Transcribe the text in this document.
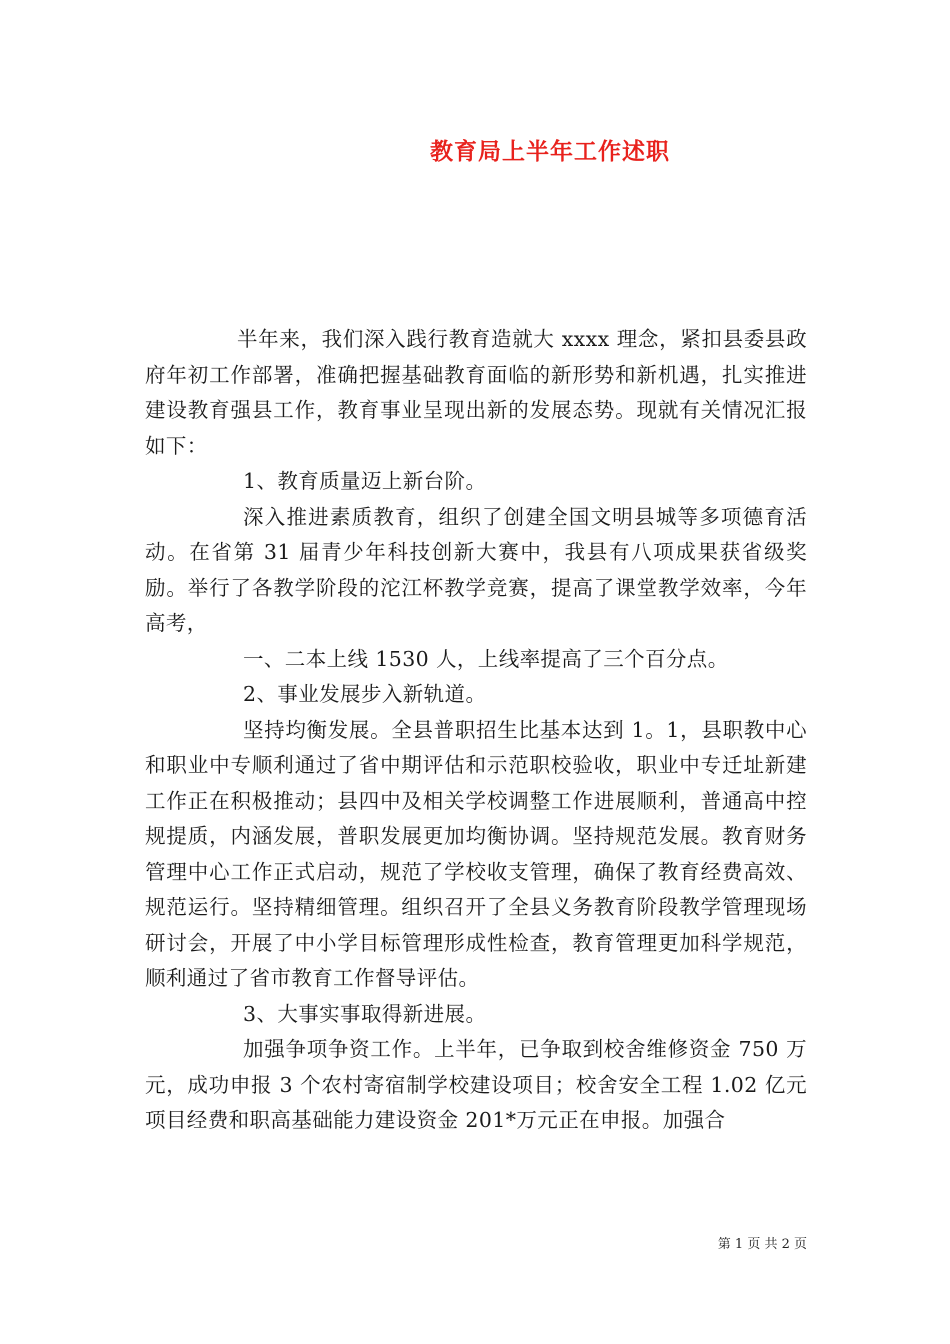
教育局上半年工作述职

半年来，我们深入践行教育造就大 xxxx 理念，紧扣县委县政府年初工作部署，准确把握基础教育面临的新形势和新机遇，扎实推进建设教育强县工作，教育事业呈现出新的发展态势。现就有关情况汇报如下：

1、教育质量迈上新台阶。

深入推进素质教育，组织了创建全国文明县城等多项德育活动。在省第 31 届青少年科技创新大赛中，我县有八项成果获省级奖励。举行了各教学阶段的沱江杯教学竞赛，提高了课堂教学效率，今年高考，

一、二本上线 1530 人，上线率提高了三个百分点。

2、事业发展步入新轨道。

坚持均衡发展。全县普职招生比基本达到 1。1，县职教中心和职业中专顺利通过了省中期评估和示范职校验收，职业中专迁址新建工作正在积极推动；县四中及相关学校调整工作进展顺利，普通高中控规提质，内涵发展，普职发展更加均衡协调。坚持规范发展。教育财务管理中心工作正式启动，规范了学校收支管理，确保了教育经费高效、规范运行。坚持精细管理。组织召开了全县义务教育阶段教学管理现场研讨会，开展了中小学目标管理形成性检查，教育管理更加科学规范，顺利通过了省市教育工作督导评估。

3、大事实事取得新进展。

加强争项争资工作。上半年，已争取到校舍维修资金 750 万元，成功申报 3 个农村寄宿制学校建设项目；校舍安全工程 1.02 亿元项目经费和职高基础能力建设资金 201*万元正在申报。加强合

第 1 页 共 2 页
